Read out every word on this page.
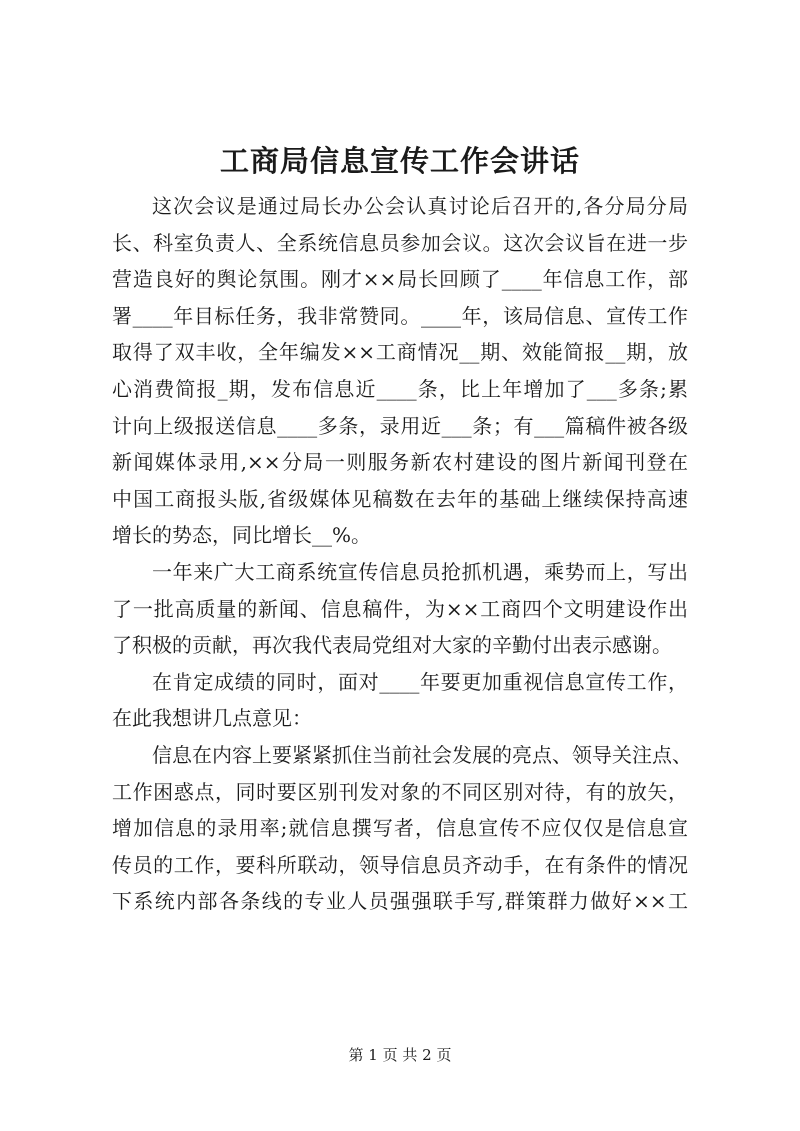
工商局信息宣传工作会讲话

这次会议是通过局长办公会认真讨论后召开的,各分局分局
长、科室负责人、全系统信息员参加会议。这次会议旨在进一步
营造良好的舆论氛围。刚才××局长回顾了____年信息工作，部
署____年目标任务，我非常赞同。____年，该局信息、宣传工作
取得了双丰收，全年编发××工商情况__期、效能简报__期，放
心消费简报_期，发布信息近____条，比上年增加了___多条;累
计向上级报送信息____多条，录用近___条；有___篇稿件被各级
新闻媒体录用,××分局一则服务新农村建设的图片新闻刊登在
中国工商报头版,省级媒体见稿数在去年的基础上继续保持高速
增长的势态，同比增长__%。

一年来广大工商系统宣传信息员抢抓机遇，乘势而上，写出
了一批高质量的新闻、信息稿件，为××工商四个文明建设作出
了积极的贡献，再次我代表局党组对大家的辛勤付出表示感谢。

在肯定成绩的同时，面对____年要更加重视信息宣传工作，
在此我想讲几点意见：

信息在内容上要紧紧抓住当前社会发展的亮点、领导关注点、
工作困惑点，同时要区别刊发对象的不同区别对待，有的放矢，
增加信息的录用率;就信息撰写者，信息宣传不应仅仅是信息宣
传员的工作，要科所联动，领导信息员齐动手，在有条件的情况
下系统内部各条线的专业人员强强联手写,群策群力做好××工

第 1 页 共 2 页
